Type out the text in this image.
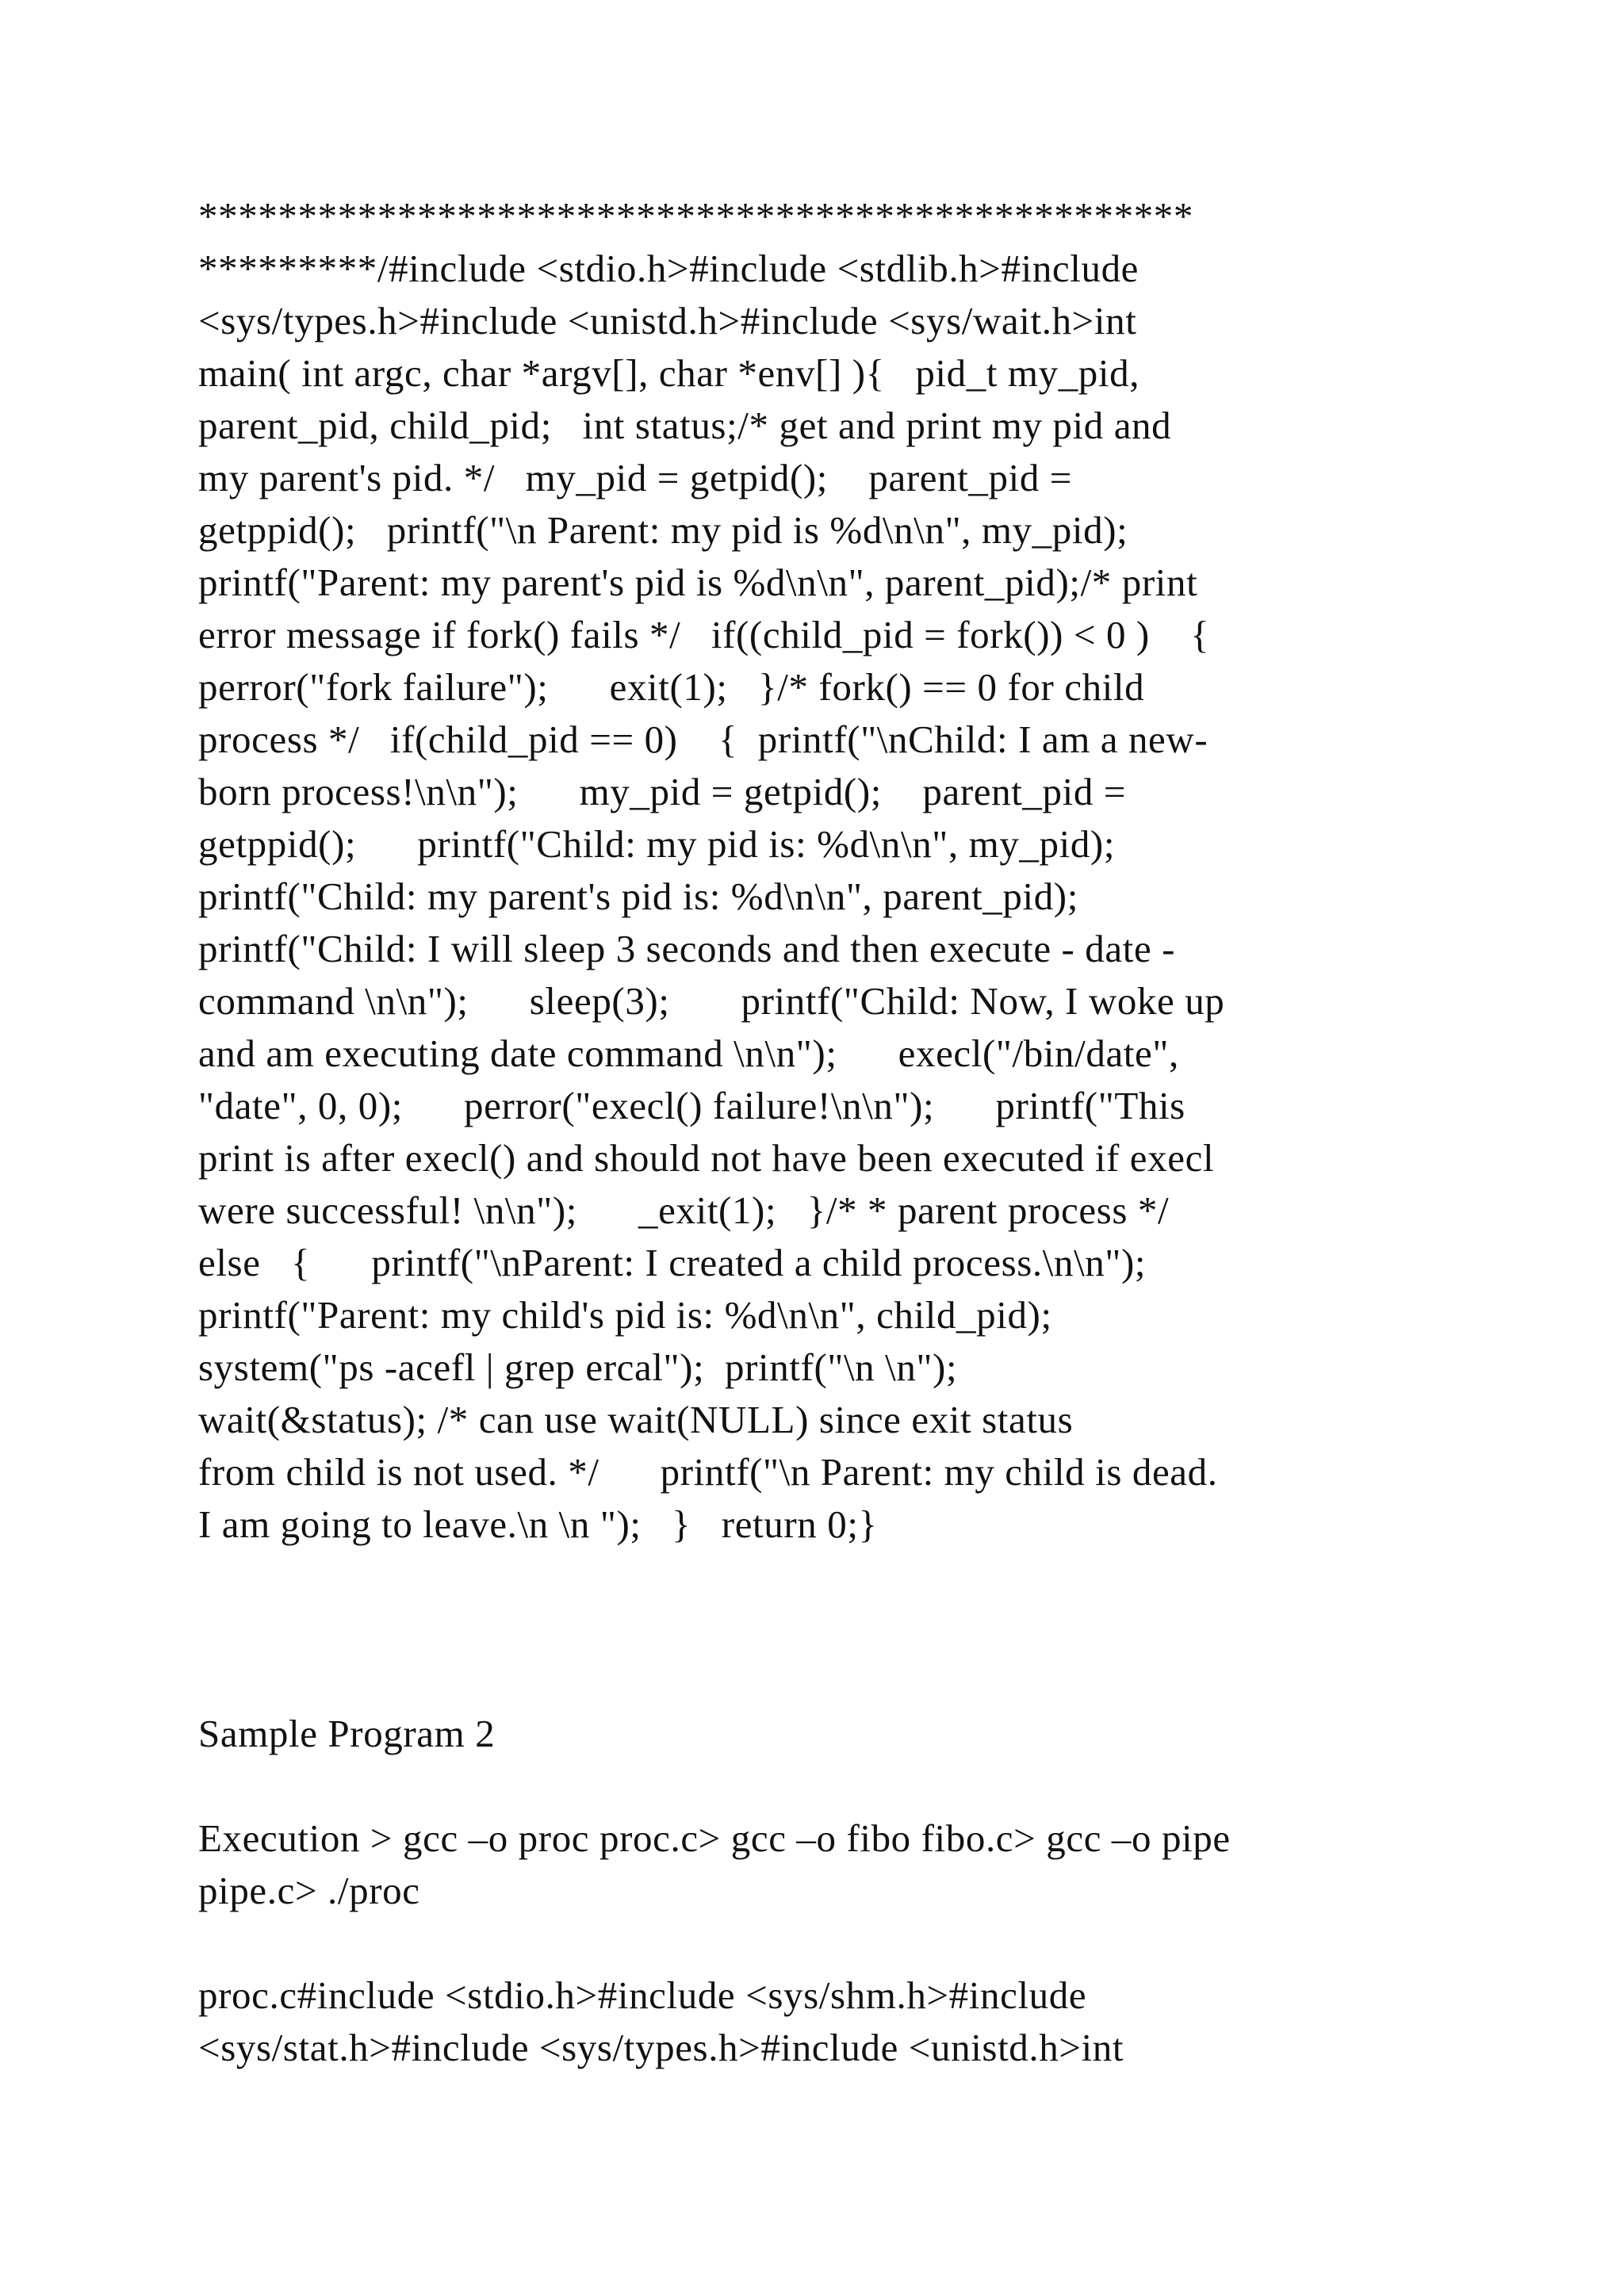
**************************************************
*********/#include <stdio.h>#include <stdlib.h>#include
<sys/types.h>#include <unistd.h>#include <sys/wait.h>int
main( int argc, char *argv[], char *env[] ){   pid_t my_pid,
parent_pid, child_pid;   int status;/* get and print my pid and
my parent's pid. */   my_pid = getpid();    parent_pid =
getppid();   printf("\n Parent: my pid is %d\n\n", my_pid);
printf("Parent: my parent's pid is %d\n\n", parent_pid);/* print
error message if fork() fails */   if((child_pid = fork()) < 0 )    {
perror("fork failure");      exit(1);   }/* fork() == 0 for child
process */   if(child_pid == 0)    {  printf("\nChild: I am a new-
born process!\n\n");      my_pid = getpid();    parent_pid =
getppid();      printf("Child: my pid is: %d\n\n", my_pid);
printf("Child: my parent's pid is: %d\n\n", parent_pid);
printf("Child: I will sleep 3 seconds and then execute - date -
command \n\n");      sleep(3);       printf("Child: Now, I woke up
and am executing date command \n\n");      execl("/bin/date",
"date", 0, 0);      perror("execl() failure!\n\n");      printf("This
print is after execl() and should not have been executed if execl
were successful! \n\n");      _exit(1);   }/* * parent process */
else   {      printf("\nParent: I created a child process.\n\n");
printf("Parent: my child's pid is: %d\n\n", child_pid);
system("ps -acefl | grep ercal");  printf("\n \n");
wait(&status); /* can use wait(NULL) since exit status
from child is not used. */      printf("\n Parent: my child is dead.
I am going to leave.\n \n ");   }   return 0;}
Sample Program 2
Execution > gcc –o proc proc.c> gcc –o fibo fibo.c> gcc –o pipe
pipe.c> ./proc
proc.c#include <stdio.h>#include <sys/shm.h>#include
<sys/stat.h>#include <sys/types.h>#include <unistd.h>int
